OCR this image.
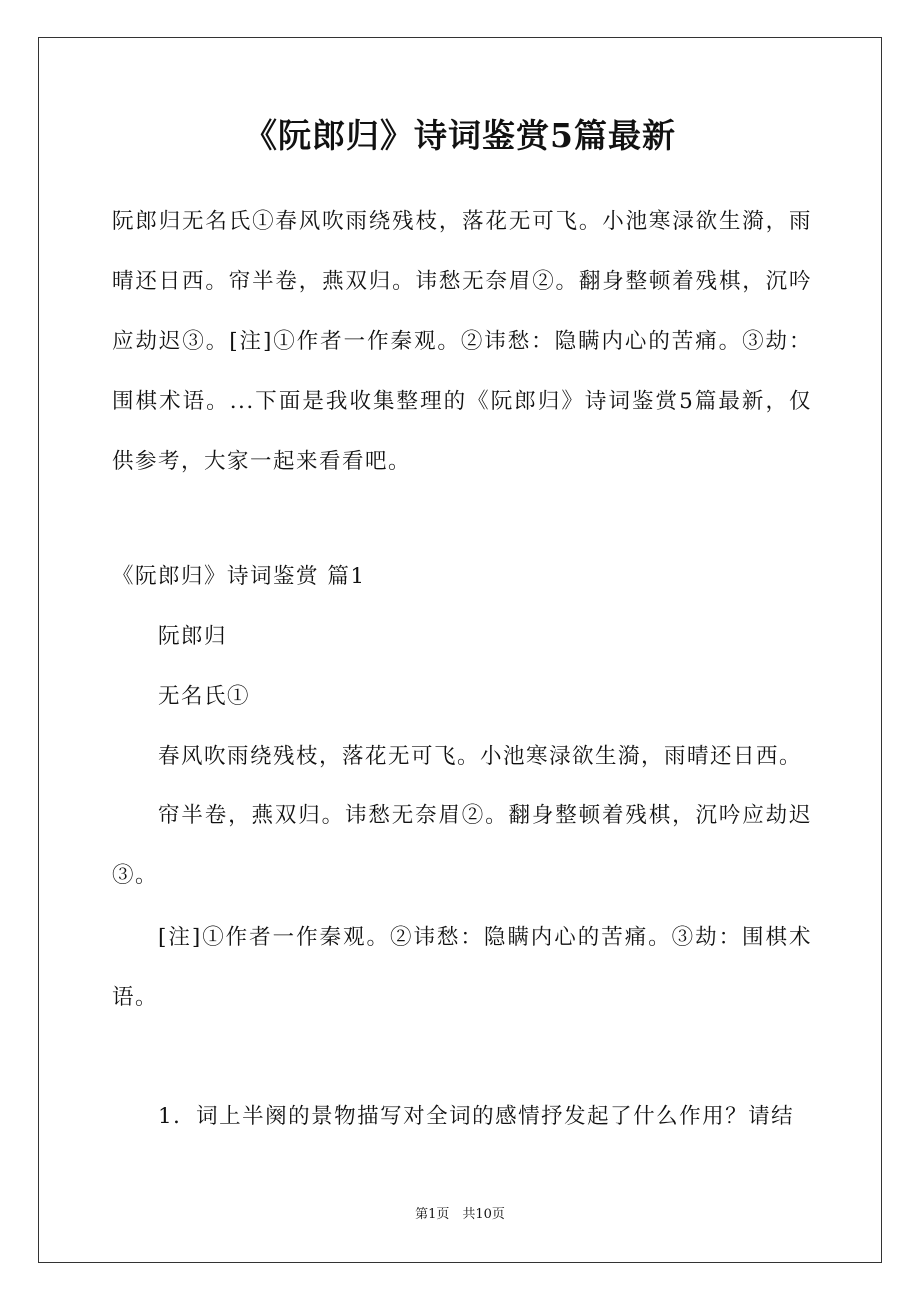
《阮郎归》诗词鉴赏5篇最新

阮郎归无名氏①春风吹雨绕残枝，落花无可飞。小池寒渌欲生漪，雨晴还日西。帘半卷，燕双归。讳愁无奈眉②。翻身整顿着残棋，沉吟应劫迟③。[注]①作者一作秦观。②讳愁：隐瞒内心的苦痛。③劫：围棋术语。...下面是我收集整理的《阮郎归》诗词鉴赏5篇最新，仅供参考，大家一起来看看吧。

《阮郎归》诗词鉴赏 篇1
阮郎归
无名氏①
春风吹雨绕残枝，落花无可飞。小池寒渌欲生漪，雨晴还日西。

帘半卷，燕双归。讳愁无奈眉②。翻身整顿着残棋，沉吟应劫迟③。

[注]①作者一作秦观。②讳愁：隐瞒内心的苦痛。③劫：围棋术语。

1．词上半阕的景物描写对全词的感情抒发起了什么作用？请结
第1页　共10页
